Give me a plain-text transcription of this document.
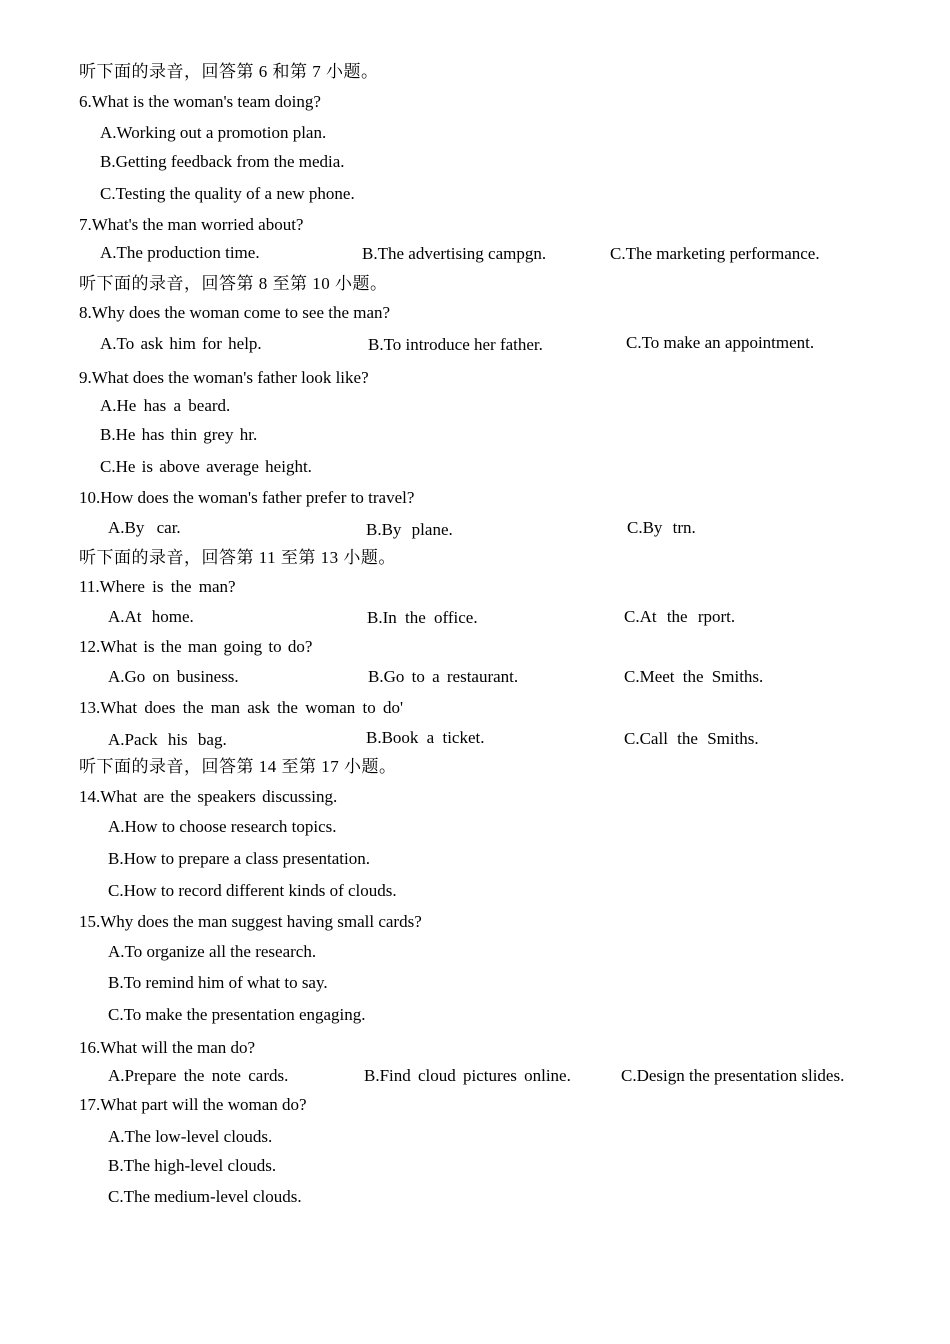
听下面的录音，回答第 6 和第 7 小题。
6.What is the woman's team doing?
A.Working out a promotion plan.
B.Getting feedback from the media.
C.Testing the quality of a new phone.
7.What's the man worried about?
A.The production time.	B.The advertising campgn.	C.The marketing performance.
听下面的录音，回答第 8 至第 10 小题。
8.Why does the woman come to see the man?
A.To ask him for help.	B.To introduce her father.	C.To make an appointment.
9.What does the woman's father look like?
A.He has a beard.
B.He has thin grey hr.
C.He is above average height.
10.How does the woman's father prefer to travel?
A.By car.	B.By plane.	C.By trn.
听下面的录音，回答第 11 至第 13 小题。
11.Where is the man?
A.At home.	B.In the office.	C.At the rport.
12.What is the man going to do?
A.Go on business.	B.Go to a restaurant.	C.Meet the Smiths.
13.What does the man ask the woman to do'
A.Pack his bag.	B.Book a ticket.	C.Call the Smiths.
听下面的录音，回答第 14 至第 17 小题。
14.What are the speakers discussing.
A.How to choose research topics.
B.How to prepare a class presentation.
C.How to record different kinds of clouds.
15.Why does the man suggest having small cards?
A.To organize all the research.
B.To remind him of what to say.
C.To make the presentation engaging.
16.What will the man do?
A.Prepare the note cards.	B.Find cloud pictures online.	C.Design the presentation slides.
17.What part will the woman do?
A.The low-level clouds.
B.The high-level clouds.
C.The medium-level clouds.
